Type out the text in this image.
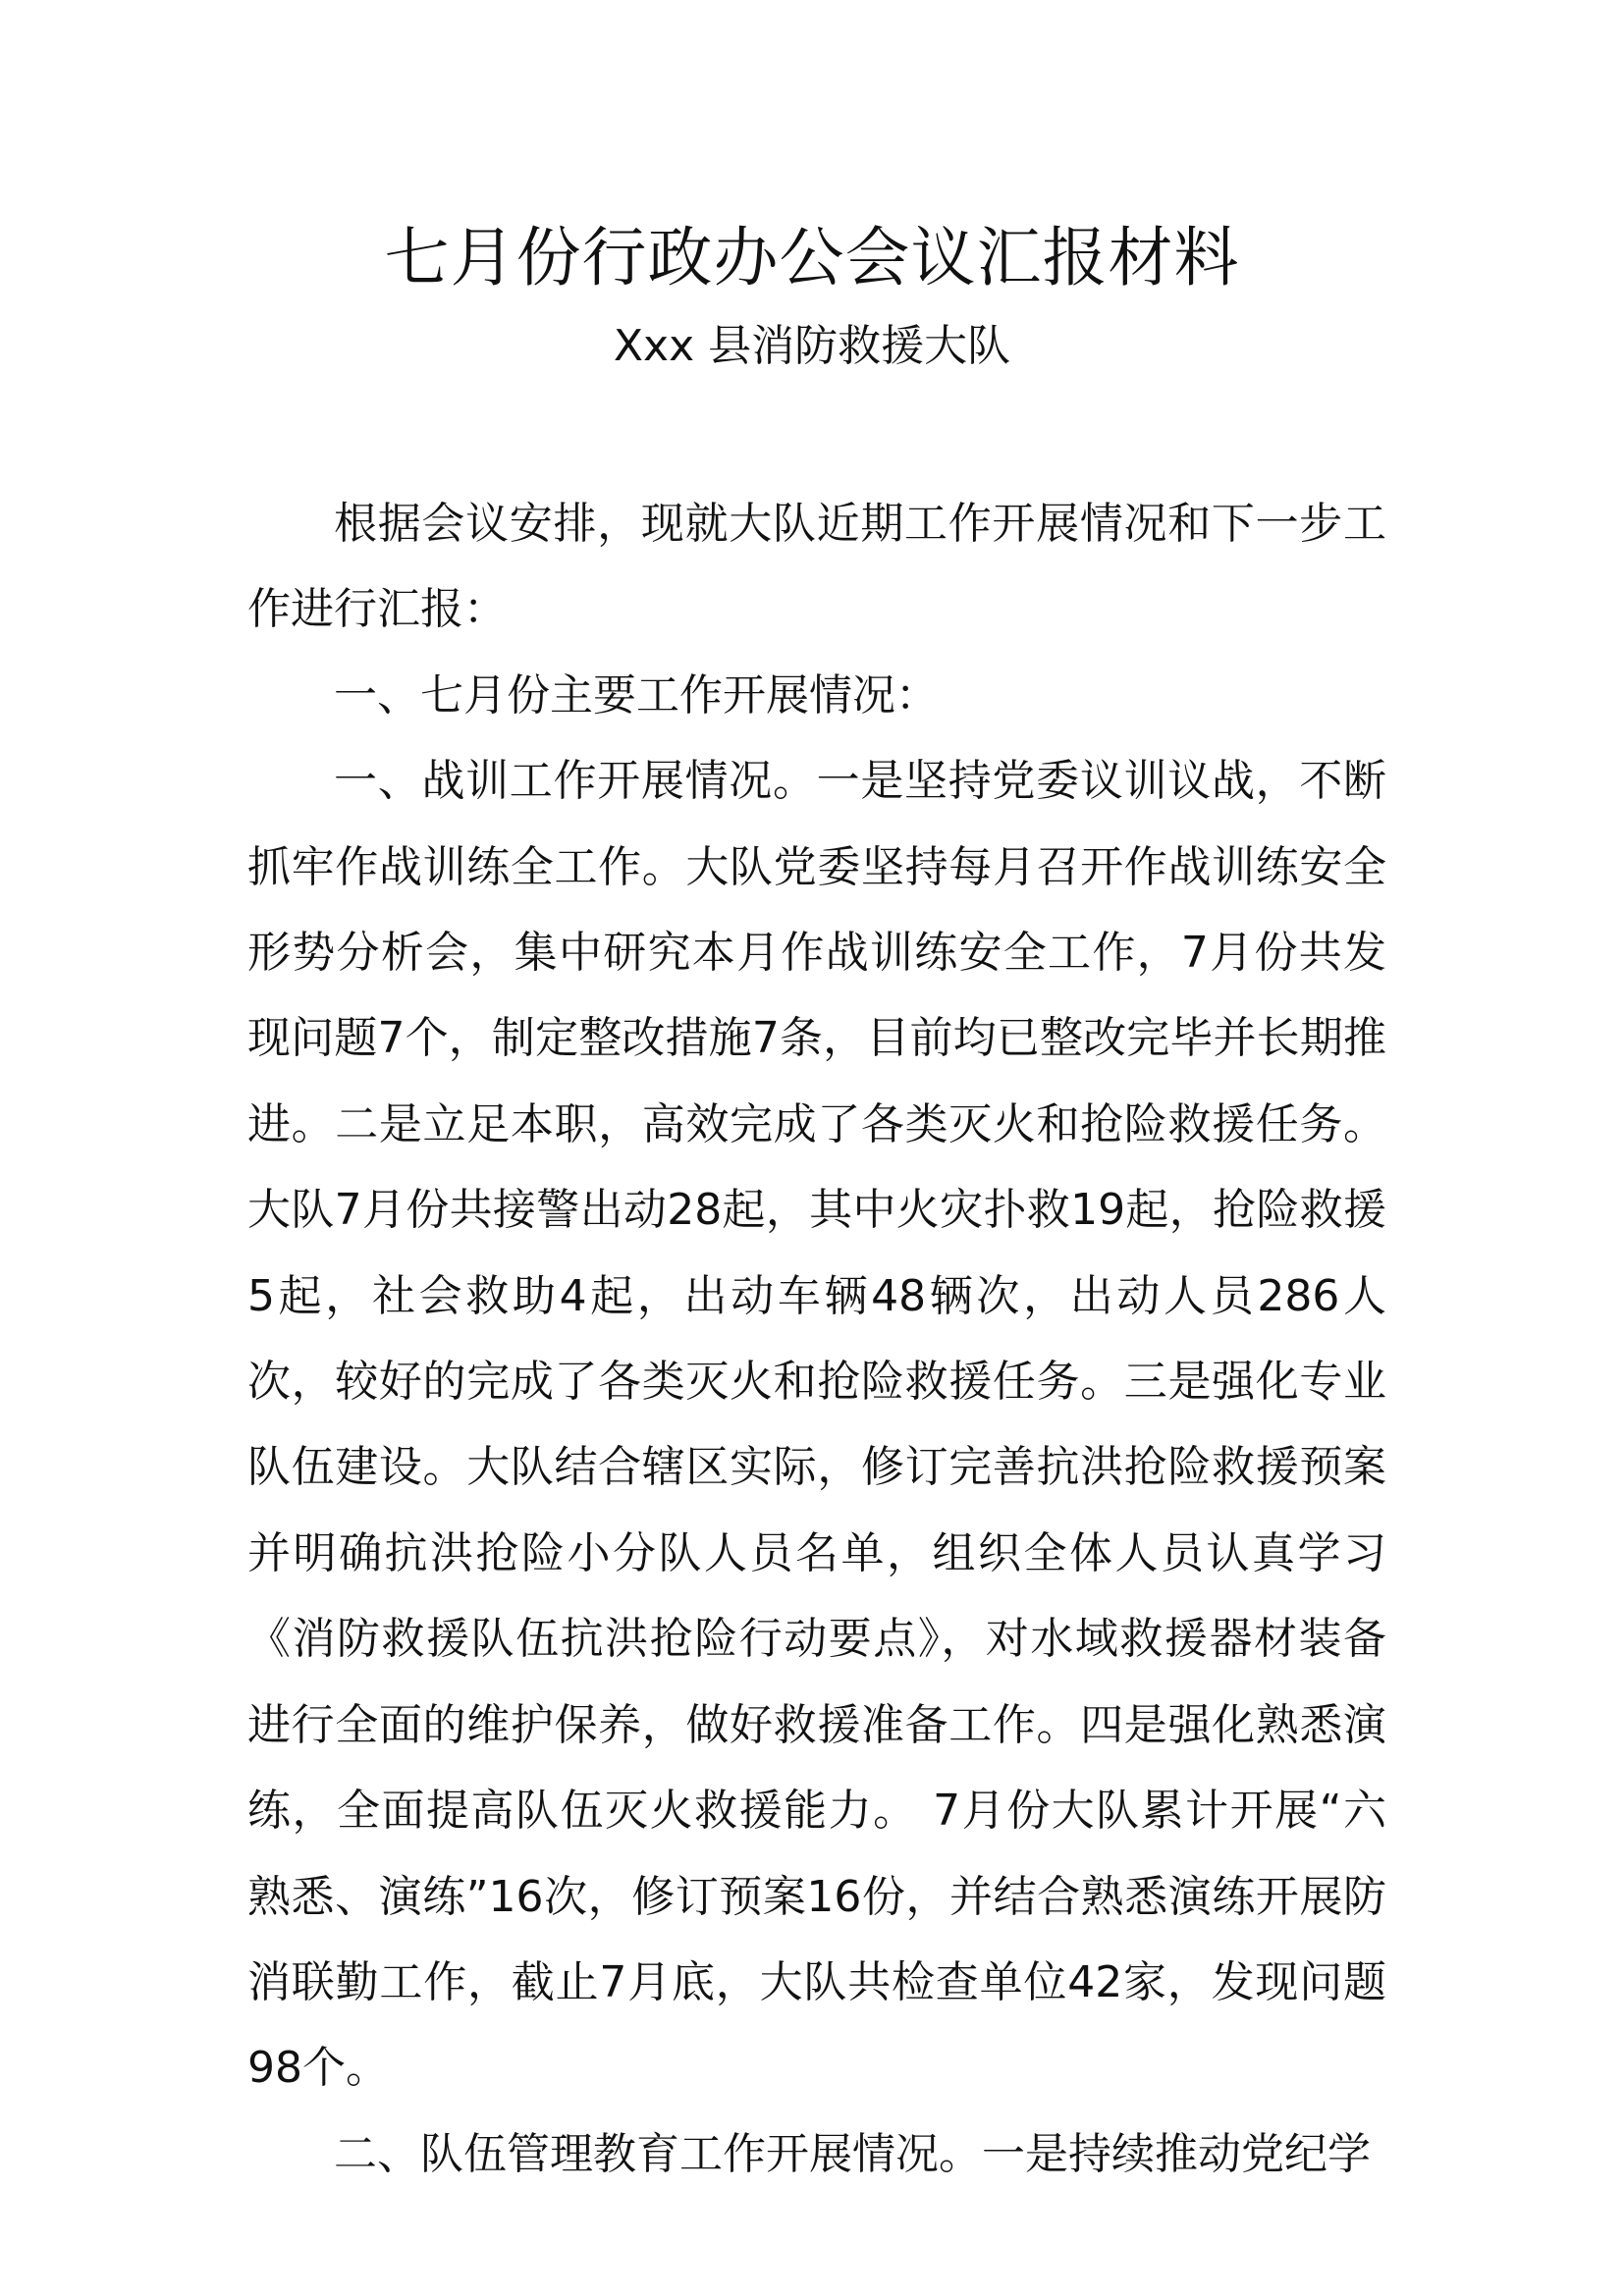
七月份行政办公会议汇报材料
Xxx 县消防救援大队

根据会议安排，现就大队近期工作开展情况和下一步工作进行汇报：

一、七月份主要工作开展情况：

一、战训工作开展情况。一是坚持党委议训议战，不断抓牢作战训练全工作。大队党委坚持每月召开作战训练安全形势分析会，集中研究本月作战训练安全工作，7月份共发现问题7个，制定整改措施7条，目前均已整改完毕并长期推进。二是立足本职，高效完成了各类灭火和抢险救援任务。大队7月份共接警出动28起，其中火灾扑救19起，抢险救援5起，社会救助4起，出动车辆48辆次，出动人员286人次，较好的完成了各类灭火和抢险救援任务。三是强化专业队伍建设。大队结合辖区实际，修订完善抗洪抢险救援预案并明确抗洪抢险小分队人员名单，组织全体人员认真学习《消防救援队伍抗洪抢险行动要点》，对水域救援器材装备进行全面的维护保养，做好救援准备工作。四是强化熟悉演练，全面提高队伍灭火救援能力。 7月份大队累计开展“六熟悉、演练”16次，修订预案16份，并结合熟悉演练开展防消联勤工作，截止7月底，大队共检查单位42家，发现问题98个。

二、队伍管理教育工作开展情况。一是持续推动党纪学
